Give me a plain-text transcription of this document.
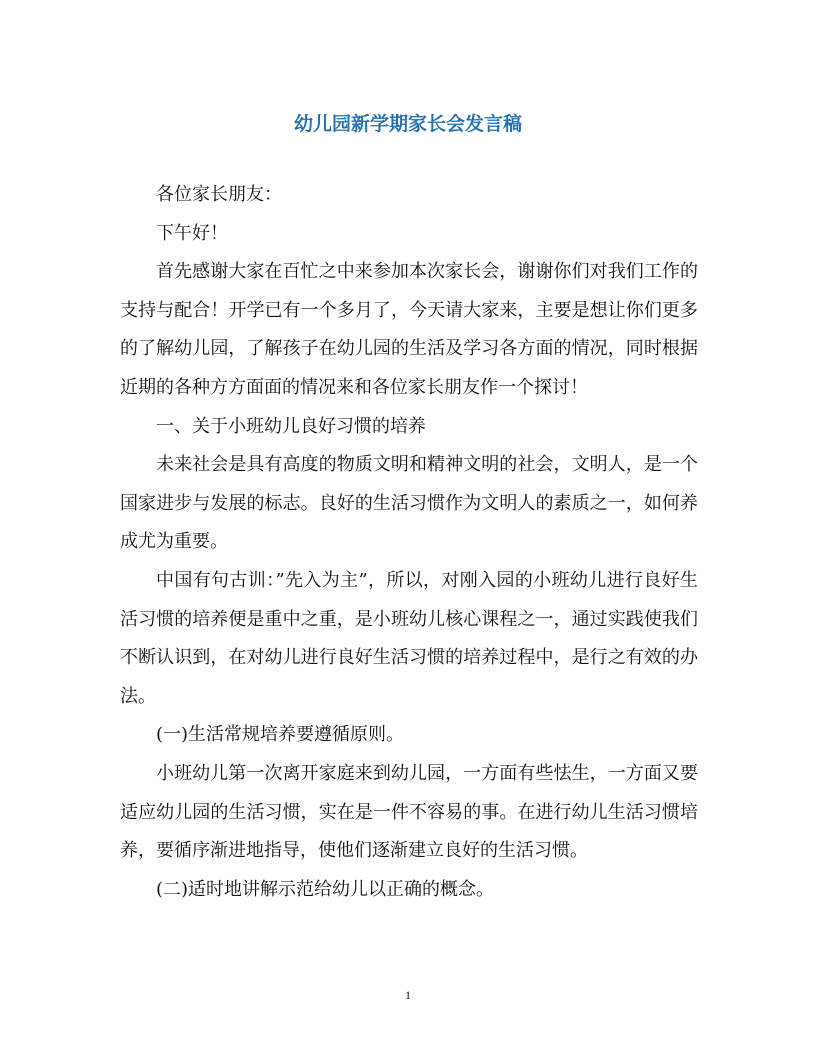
幼儿园新学期家长会发言稿

各位家长朋友：

下午好！

首先感谢大家在百忙之中来参加本次家长会，谢谢你们对我们工作的支持与配合！开学已有一个多月了，今天请大家来，主要是想让你们更多的了解幼儿园，了解孩子在幼儿园的生活及学习各方面的情况，同时根据近期的各种方方面面的情况来和各位家长朋友作一个探讨！

一、关于小班幼儿良好习惯的培养

未来社会是具有高度的物质文明和精神文明的社会，文明人，是一个国家进步与发展的标志。良好的生活习惯作为文明人的素质之一，如何养成尤为重要。

中国有句古训：”先入为主”，所以，对刚入园的小班幼儿进行良好生活习惯的培养便是重中之重，是小班幼儿核心课程之一，通过实践使我们不断认识到，在对幼儿进行良好生活习惯的培养过程中，是行之有效的办法。

(一)生活常规培养要遵循原则。

小班幼儿第一次离开家庭来到幼儿园，一方面有些怯生，一方面又要适应幼儿园的生活习惯，实在是一件不容易的事。在进行幼儿生活习惯培养，要循序渐进地指导，使他们逐渐建立良好的生活习惯。

(二)适时地讲解示范给幼儿以正确的概念。

1
